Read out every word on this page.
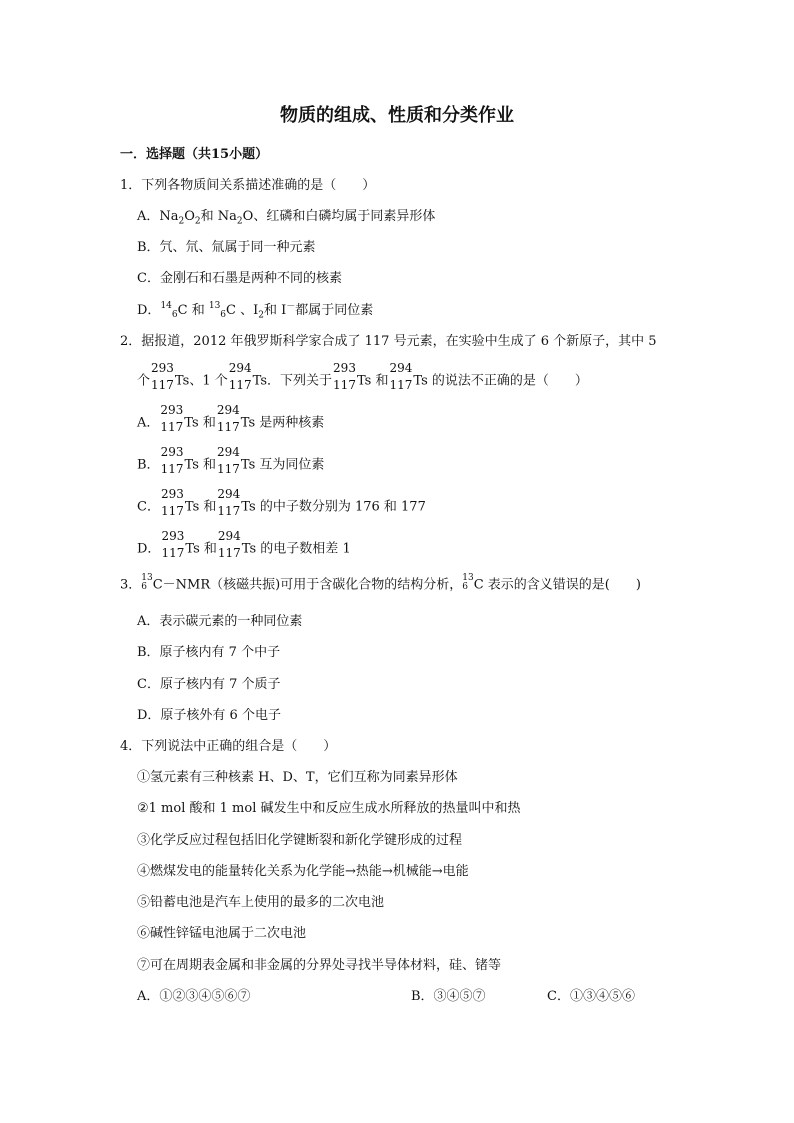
物质的组成、性质和分类作业
一．选择题（共15小题）
1．下列各物质间关系描述准确的是（　　）
A．$Na_2O_2$和 $Na_2O$、红磷和白磷均属于同素异形体
B．氕、氘、氚属于同一种元素
C．金刚石和石墨是两种不同的核素
D．$^{14}_6$C 和 $^{13}_6$C 、$I_2$和 I－都属于同位素
2．据报道，2012 年俄罗斯科学家合成了 117 号元素，在实验中生成了 6 个新原子，其中 5
个
293
117 Ts、1 个
294
117 Ts．下列关于
293
117 Ts 和
294
117 Ts 的说法不正确的是（　　）
A．
293
117 Ts 和
294
117 Ts 是两种核素
B．
293
117 Ts 和
294
117 Ts 互为同位素
C．
293
117 Ts 和
294
117 Ts 的中子数分别为 176 和 177
D．
293
117 Ts 和
294
117 Ts 的电子数相差 1
3． 13
6 C－NMR（核磁共振)可用于含碳化合物的结构分析， 13
6 C 表示的含义错误的是(　　)
A．表示碳元素的一种同位素
B．原子核内有 7 个中子
C．原子核内有 7 个质子
D．原子核外有 6 个电子
4．下列说法中正确的组合是（　　）
①氢元素有三种核素 H、D、T，它们互称为同素异形体
②1 mol 酸和 1 mol 碱发生中和反应生成水所释放的热量叫中和热
③化学反应过程包括旧化学键断裂和新化学键形成的过程
④燃煤发电的能量转化关系为化学能→热能→机械能→电能
⑤铅蓄电池是汽车上使用的最多的二次电池
⑥碱性锌锰电池属于二次电池
⑦可在周期表金属和非金属的分界处寻找半导体材料，硅、锗等
A．①②③④⑤⑥⑦	B．③④⑤⑦	C．①③④⑤⑥
